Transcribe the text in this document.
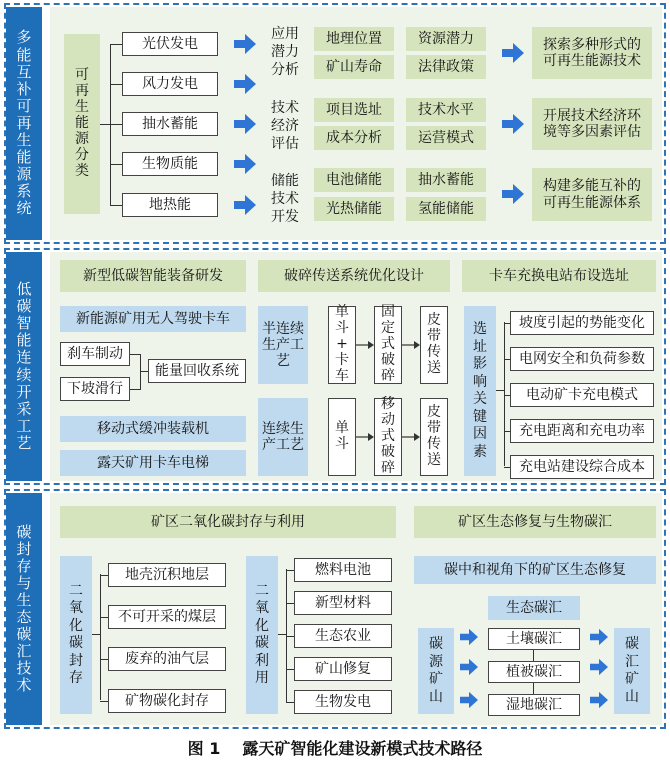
多
能
互
补
可
再
生
能
源
系
统
可
再
生
能
源
分
类
光伏发电
风力发电
抽水蓄能
生物质能
地热能
应用
潜力
分析
技术
经济
评估
储能
技术
开发
地理位置	资源潜力
矿山寿命	法律政策
项目选址	技术水平
成本分析	运营模式
电池储能	抽水蓄能
光热储能	氢能储能
探索多种形式的可再生能源技术
开展技术经济环境等多因素评估
构建多能互补的可再生能源体系
低
碳
智
能
连
续
开
采
工
艺
新型低碳智能装备研发
新能源矿用无人驾驶卡车
刹车制动
下坡滑行
能量回收系统
移动式缓冲装载机
露天矿用卡车电梯
破碎传送系统优化设计
半连续生产工艺
连续生产工艺
单
斗
+
卡
车
固
定
式
破
碎
皮
带
传
送
单
斗
移
动
式
破
碎
皮
带
传
送
卡车充换电站布设选址
选
址
影
响
关
键
因
素
坡度引起的势能变化
电网安全和负荷参数
电动矿卡充电模式
充电距离和充电功率
充电站建设综合成本
碳
封
存
与
生
态
碳
汇
技
术
矿区二氧化碳封存与利用	矿区生态修复与生物碳汇
二
氧
化
碳
封
存
地壳沉积地层
不可开采的煤层
废弃的油气层
矿物碳化封存
二
氧
化
碳
利
用
燃料电池
新型材料
生态农业
矿山修复
生物发电
碳中和视角下的矿区生态修复
生态碳汇
碳
源
矿
山
碳
汇
矿
山
土壤碳汇
植被碳汇
湿地碳汇
图 1 露天矿智能化建设新模式技术路径
